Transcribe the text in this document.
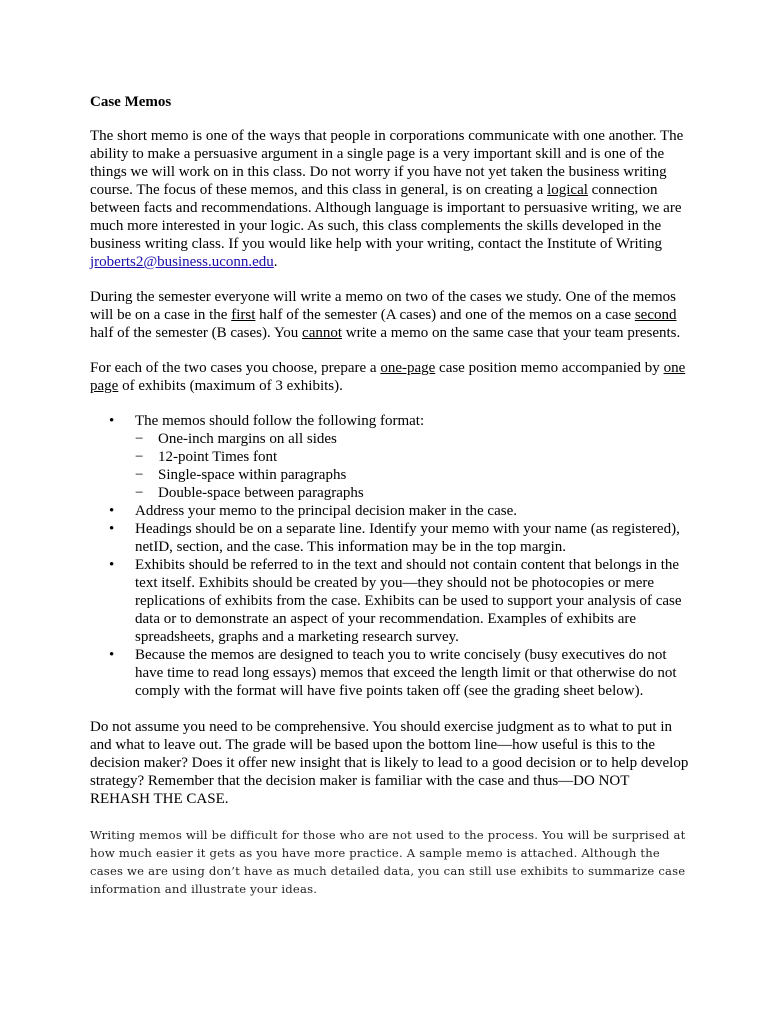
Case Memos

The short memo is one of the ways that people in corporations communicate with one another. The ability to make a persuasive argument in a single page is a very important skill and is one of the things we will work on in this class. Do not worry if you have not yet taken the business writing course. The focus of these memos, and this class in general, is on creating a logical connection between facts and recommendations. Although language is important to persuasive writing, we are much more interested in your logic. As such, this class complements the skills developed in the business writing class. If you would like help with your writing, contact the Institute of Writing jroberts2@business.uconn.edu.

During the semester everyone will write a memo on two of the cases we study. One of the memos will be on a case in the first half of the semester (A cases) and one of the memos on a case second half of the semester (B cases). You cannot write a memo on the same case that your team presents.

For each of the two cases you choose, prepare a one-page case position memo accompanied by one page of exhibits (maximum of 3 exhibits).

• The memos should follow the following format:
− One-inch margins on all sides
− 12-point Times font
− Single-space within paragraphs
− Double-space between paragraphs
• Address your memo to the principal decision maker in the case.
• Headings should be on a separate line. Identify your memo with your name (as registered), netID, section, and the case. This information may be in the top margin.
• Exhibits should be referred to in the text and should not contain content that belongs in the text itself. Exhibits should be created by you—they should not be photocopies or mere replications of exhibits from the case. Exhibits can be used to support your analysis of case data or to demonstrate an aspect of your recommendation. Examples of exhibits are spreadsheets, graphs and a marketing research survey.
• Because the memos are designed to teach you to write concisely (busy executives do not have time to read long essays) memos that exceed the length limit or that otherwise do not comply with the format will have five points taken off (see the grading sheet below).

Do not assume you need to be comprehensive. You should exercise judgment as to what to put in and what to leave out. The grade will be based upon the bottom line—how useful is this to the decision maker? Does it offer new insight that is likely to lead to a good decision or to help develop strategy? Remember that the decision maker is familiar with the case and thus—DO NOT REHASH THE CASE.

Writing memos will be difficult for those who are not used to the process. You will be surprised at how much easier it gets as you have more practice. A sample memo is attached. Although the cases we are using don’t have as much detailed data, you can still use exhibits to summarize case information and illustrate your ideas.
